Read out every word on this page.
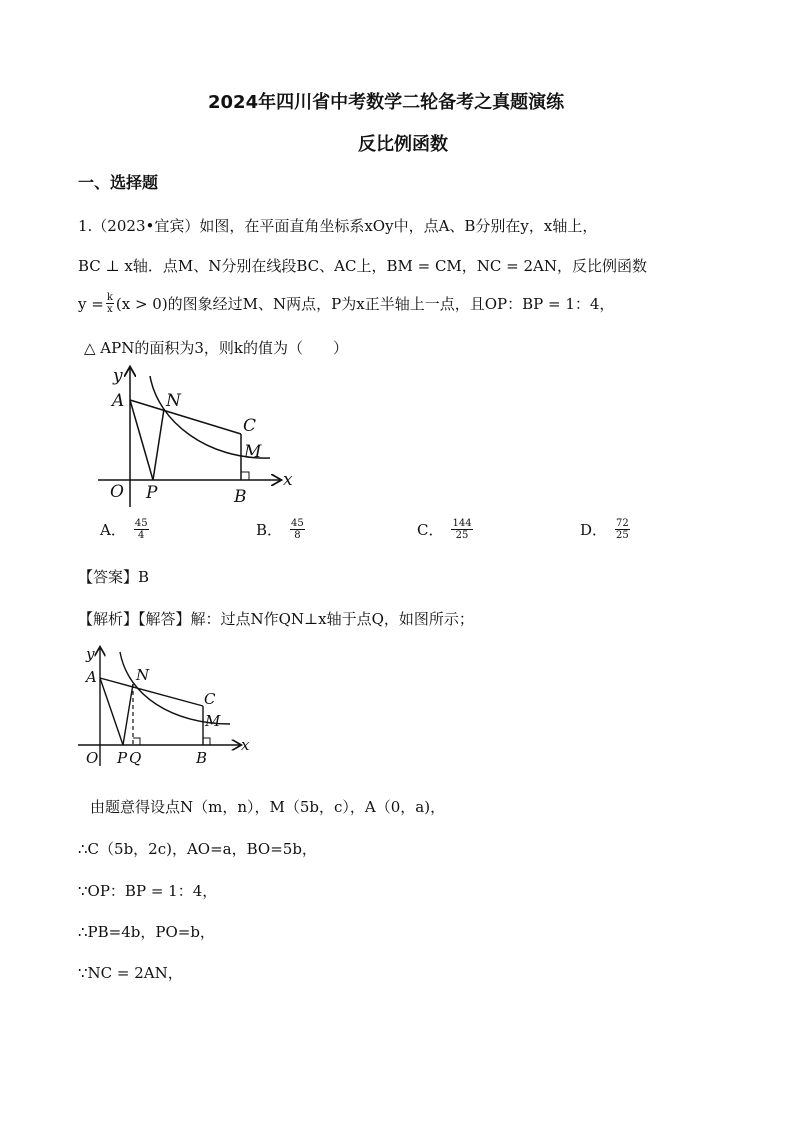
2024年四川省中考数学二轮备考之真题演练
反比例函数
一、选择题
1.（2023•宜宾）如图，在平面直角坐标系xOy中，点A、B分别在y，x轴上，
BC ⊥ x轴．点M、N分别在线段BC、AC上，BM = CM，NC = 2AN，反比例函数
$y = \frac{k}{x} (x > 0)$的图象经过M、N两点，P为x正半轴上一点，且OP：BP = 1：4，
△ APN的面积为3，则k的值为（　　）
y
x
O
A N
C
M
P	B
A． $\frac{45}{4}$	B． $\frac{45}{8}$	C． $\frac{144}{25}$	D． $\frac{72}{25}$
【答案】B
【解析】【解答】解：过点N作QN⊥x轴于点Q，如图所示；
y
x
O
A	N
C
M
P Q	B
由题意得设点N（m，n），M（5b，c），A（0，a)，
∴C（5b，2c)，AO=a，BO=5b，
∵OP：BP = 1：4，
∴PB=4b，PO=b，
∵NC = 2AN，
